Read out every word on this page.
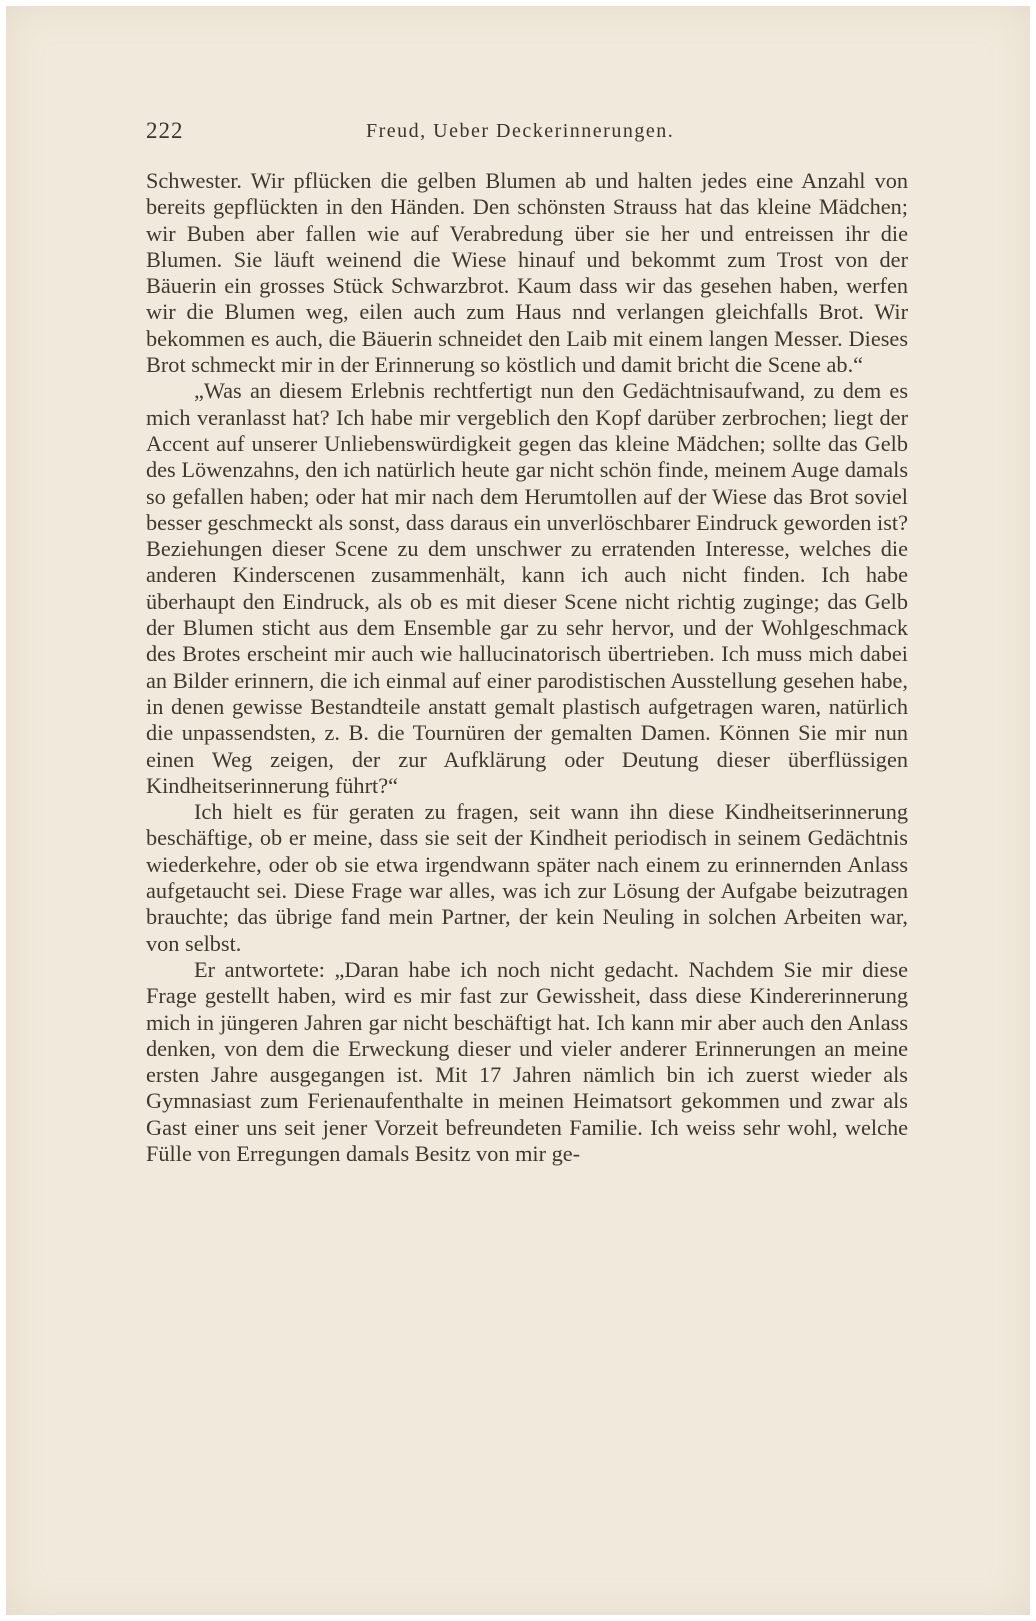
222	Freud, Ueber Deckerinnerungen.

Schwester. Wir pflücken die gelben Blumen ab und halten jedes eine Anzahl von bereits gepflückten in den Händen. Den schönsten Strauss hat das kleine Mädchen; wir Buben aber fallen wie auf Verabredung über sie her und entreissen ihr die Blumen. Sie läuft weinend die Wiese hinauf und bekommt zum Trost von der Bäuerin ein grosses Stück Schwarzbrot. Kaum dass wir das gesehen haben, werfen wir die Blumen weg, eilen auch zum Haus nnd verlangen gleichfalls Brot. Wir bekommen es auch, die Bäuerin schneidet den Laib mit einem langen Messer. Dieses Brot schmeckt mir in der Erinnerung so köstlich und damit bricht die Scene ab.“

„Was an diesem Erlebnis rechtfertigt nun den Gedächtnisaufwand, zu dem es mich veranlasst hat? Ich habe mir vergeblich den Kopf darüber zerbrochen; liegt der Accent auf unserer Unliebenswürdigkeit gegen das kleine Mädchen; sollte das Gelb des Löwenzahns, den ich natürlich heute gar nicht schön finde, meinem Auge damals so gefallen haben; oder hat mir nach dem Herumtollen auf der Wiese das Brot soviel besser geschmeckt als sonst, dass daraus ein unverlöschbarer Eindruck geworden ist? Beziehungen dieser Scene zu dem unschwer zu erratenden Interesse, welches die anderen Kinderscenen zusammenhält, kann ich auch nicht finden. Ich habe überhaupt den Eindruck, als ob es mit dieser Scene nicht richtig zuginge; das Gelb der Blumen sticht aus dem Ensemble gar zu sehr hervor, und der Wohlgeschmack des Brotes erscheint mir auch wie hallucinatorisch übertrieben. Ich muss mich dabei an Bilder erinnern, die ich einmal auf einer parodistischen Ausstellung gesehen habe, in denen gewisse Bestandteile anstatt gemalt plastisch aufgetragen waren, natürlich die unpassendsten, z. B. die Tournüren der gemalten Damen. Können Sie mir nun einen Weg zeigen, der zur Aufklärung oder Deutung dieser überflüssigen Kindheitserinnerung führt?“

Ich hielt es für geraten zu fragen, seit wann ihn diese Kindheitserinnerung beschäftige, ob er meine, dass sie seit der Kindheit periodisch in seinem Gedächtnis wiederkehre, oder ob sie etwa irgendwann später nach einem zu erinnernden Anlass aufgetaucht sei. Diese Frage war alles, was ich zur Lösung der Aufgabe beizutragen brauchte; das übrige fand mein Partner, der kein Neuling in solchen Arbeiten war, von selbst.

Er antwortete: „Daran habe ich noch nicht gedacht. Nachdem Sie mir diese Frage gestellt haben, wird es mir fast zur Gewissheit, dass diese Kindererinnerung mich in jüngeren Jahren gar nicht beschäftigt hat. Ich kann mir aber auch den Anlass denken, von dem die Erweckung dieser und vieler anderer Erinnerungen an meine ersten Jahre ausgegangen ist. Mit 17 Jahren nämlich bin ich zuerst wieder als Gymnasiast zum Ferienaufenthalte in meinen Heimatsort gekommen und zwar als Gast einer uns seit jener Vorzeit befreundeten Familie. Ich weiss sehr wohl, welche Fülle von Erregungen damals Besitz von mir ge-
